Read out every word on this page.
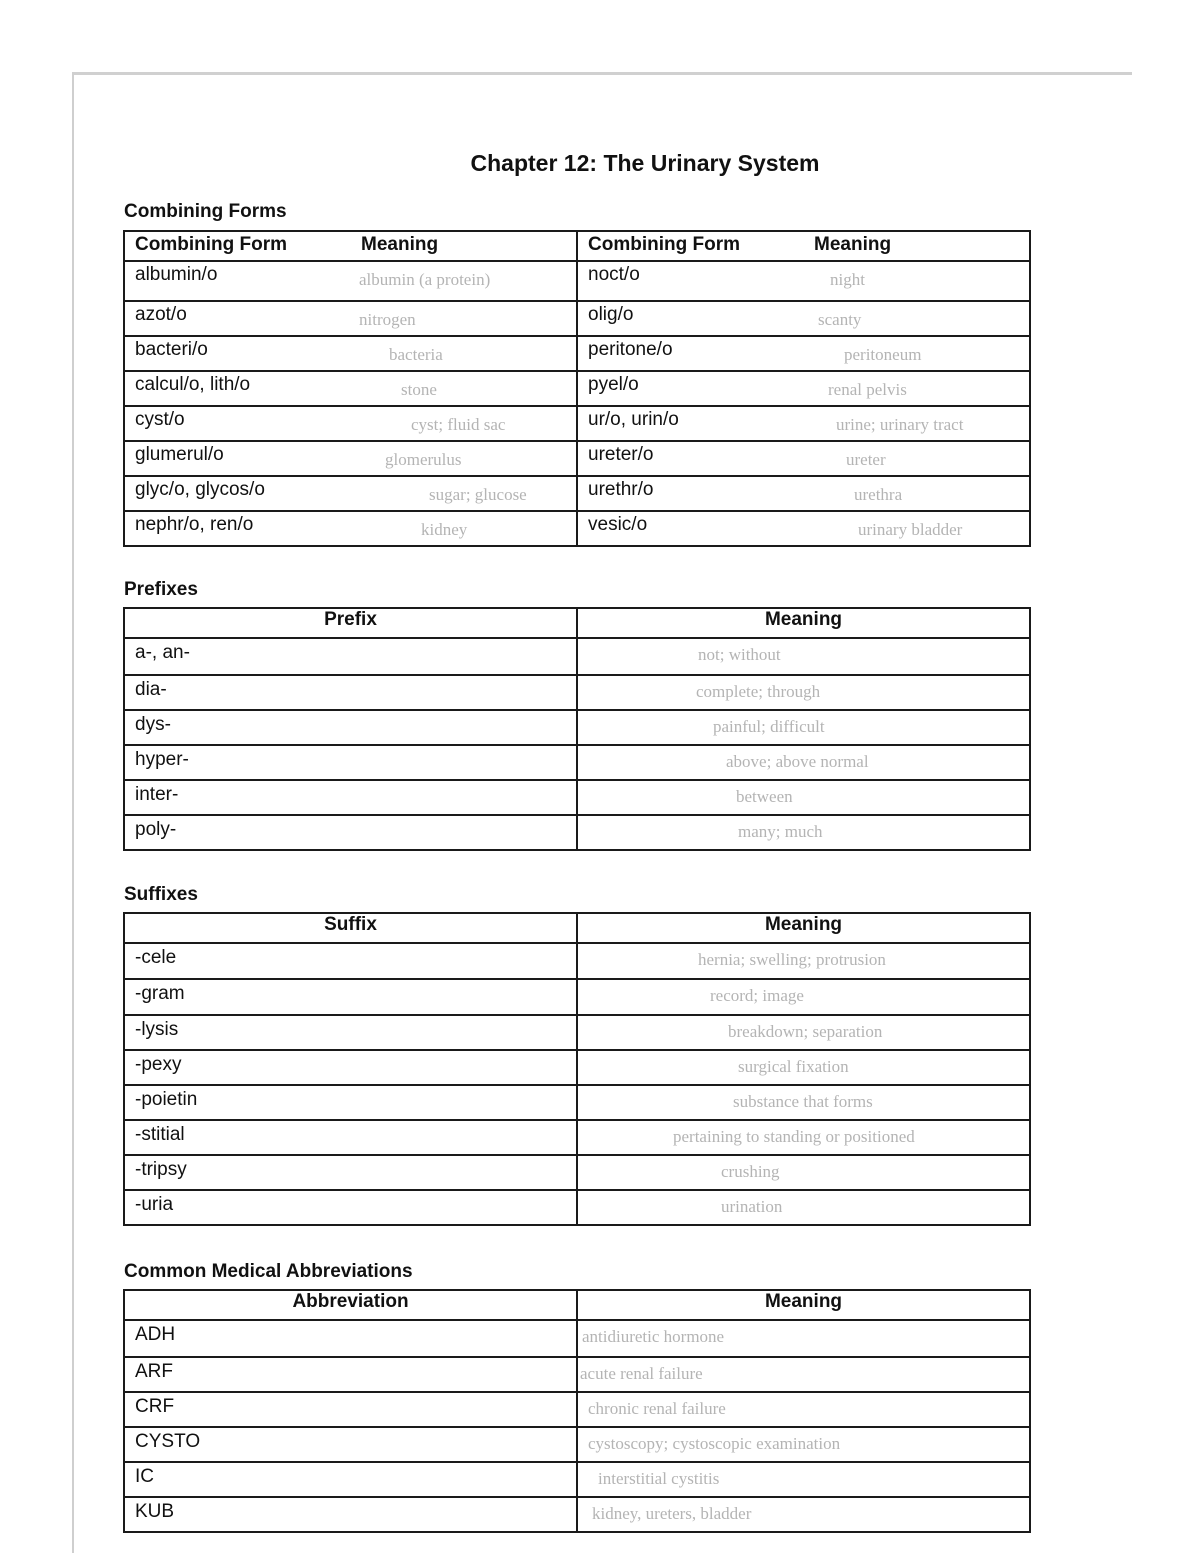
Chapter 12: The Urinary System
Combining Forms
Combining Form Meaning	Combining Form Meaning

albumin/o albumin (a protein)	noct/o night

azot/o nitrogen	olig/o scanty

bacteri/o bacteria	peritone/o peritoneum

calcul/o, lith/o stone	pyel/o renal pelvis

cyst/o cyst; fluid sac	ur/o, urin/o urine; urinary tract

glumerul/o glomerulus	ureter/o ureter

glyc/o, glycos/o sugar; glucose	urethr/o urethra

nephr/o, ren/o kidney	vesic/o urinary bladder
Prefixes
Prefix	Meaning
a-, an-	not; without
dia-	complete; through
dys-	painful; difficult
hyper-	above; above normal
inter-	between
poly-	many; much
Suffixes
Suffix	Meaning
-cele	hernia; swelling; protrusion
-gram	record; image
-lysis	breakdown; separation
-pexy	surgical fixation
-poietin	substance that forms
-stitial	pertaining to standing or positioned
-tripsy	crushing
-uria	urination
Common Medical Abbreviations
Abbreviation	Meaning
ADH	antidiuretic hormone
ARF	acute renal failure
CRF	chronic renal failure
CYSTO	cystoscopy; cystoscopic examination
IC	interstitial cystitis
KUB	kidney, ureters, bladder
